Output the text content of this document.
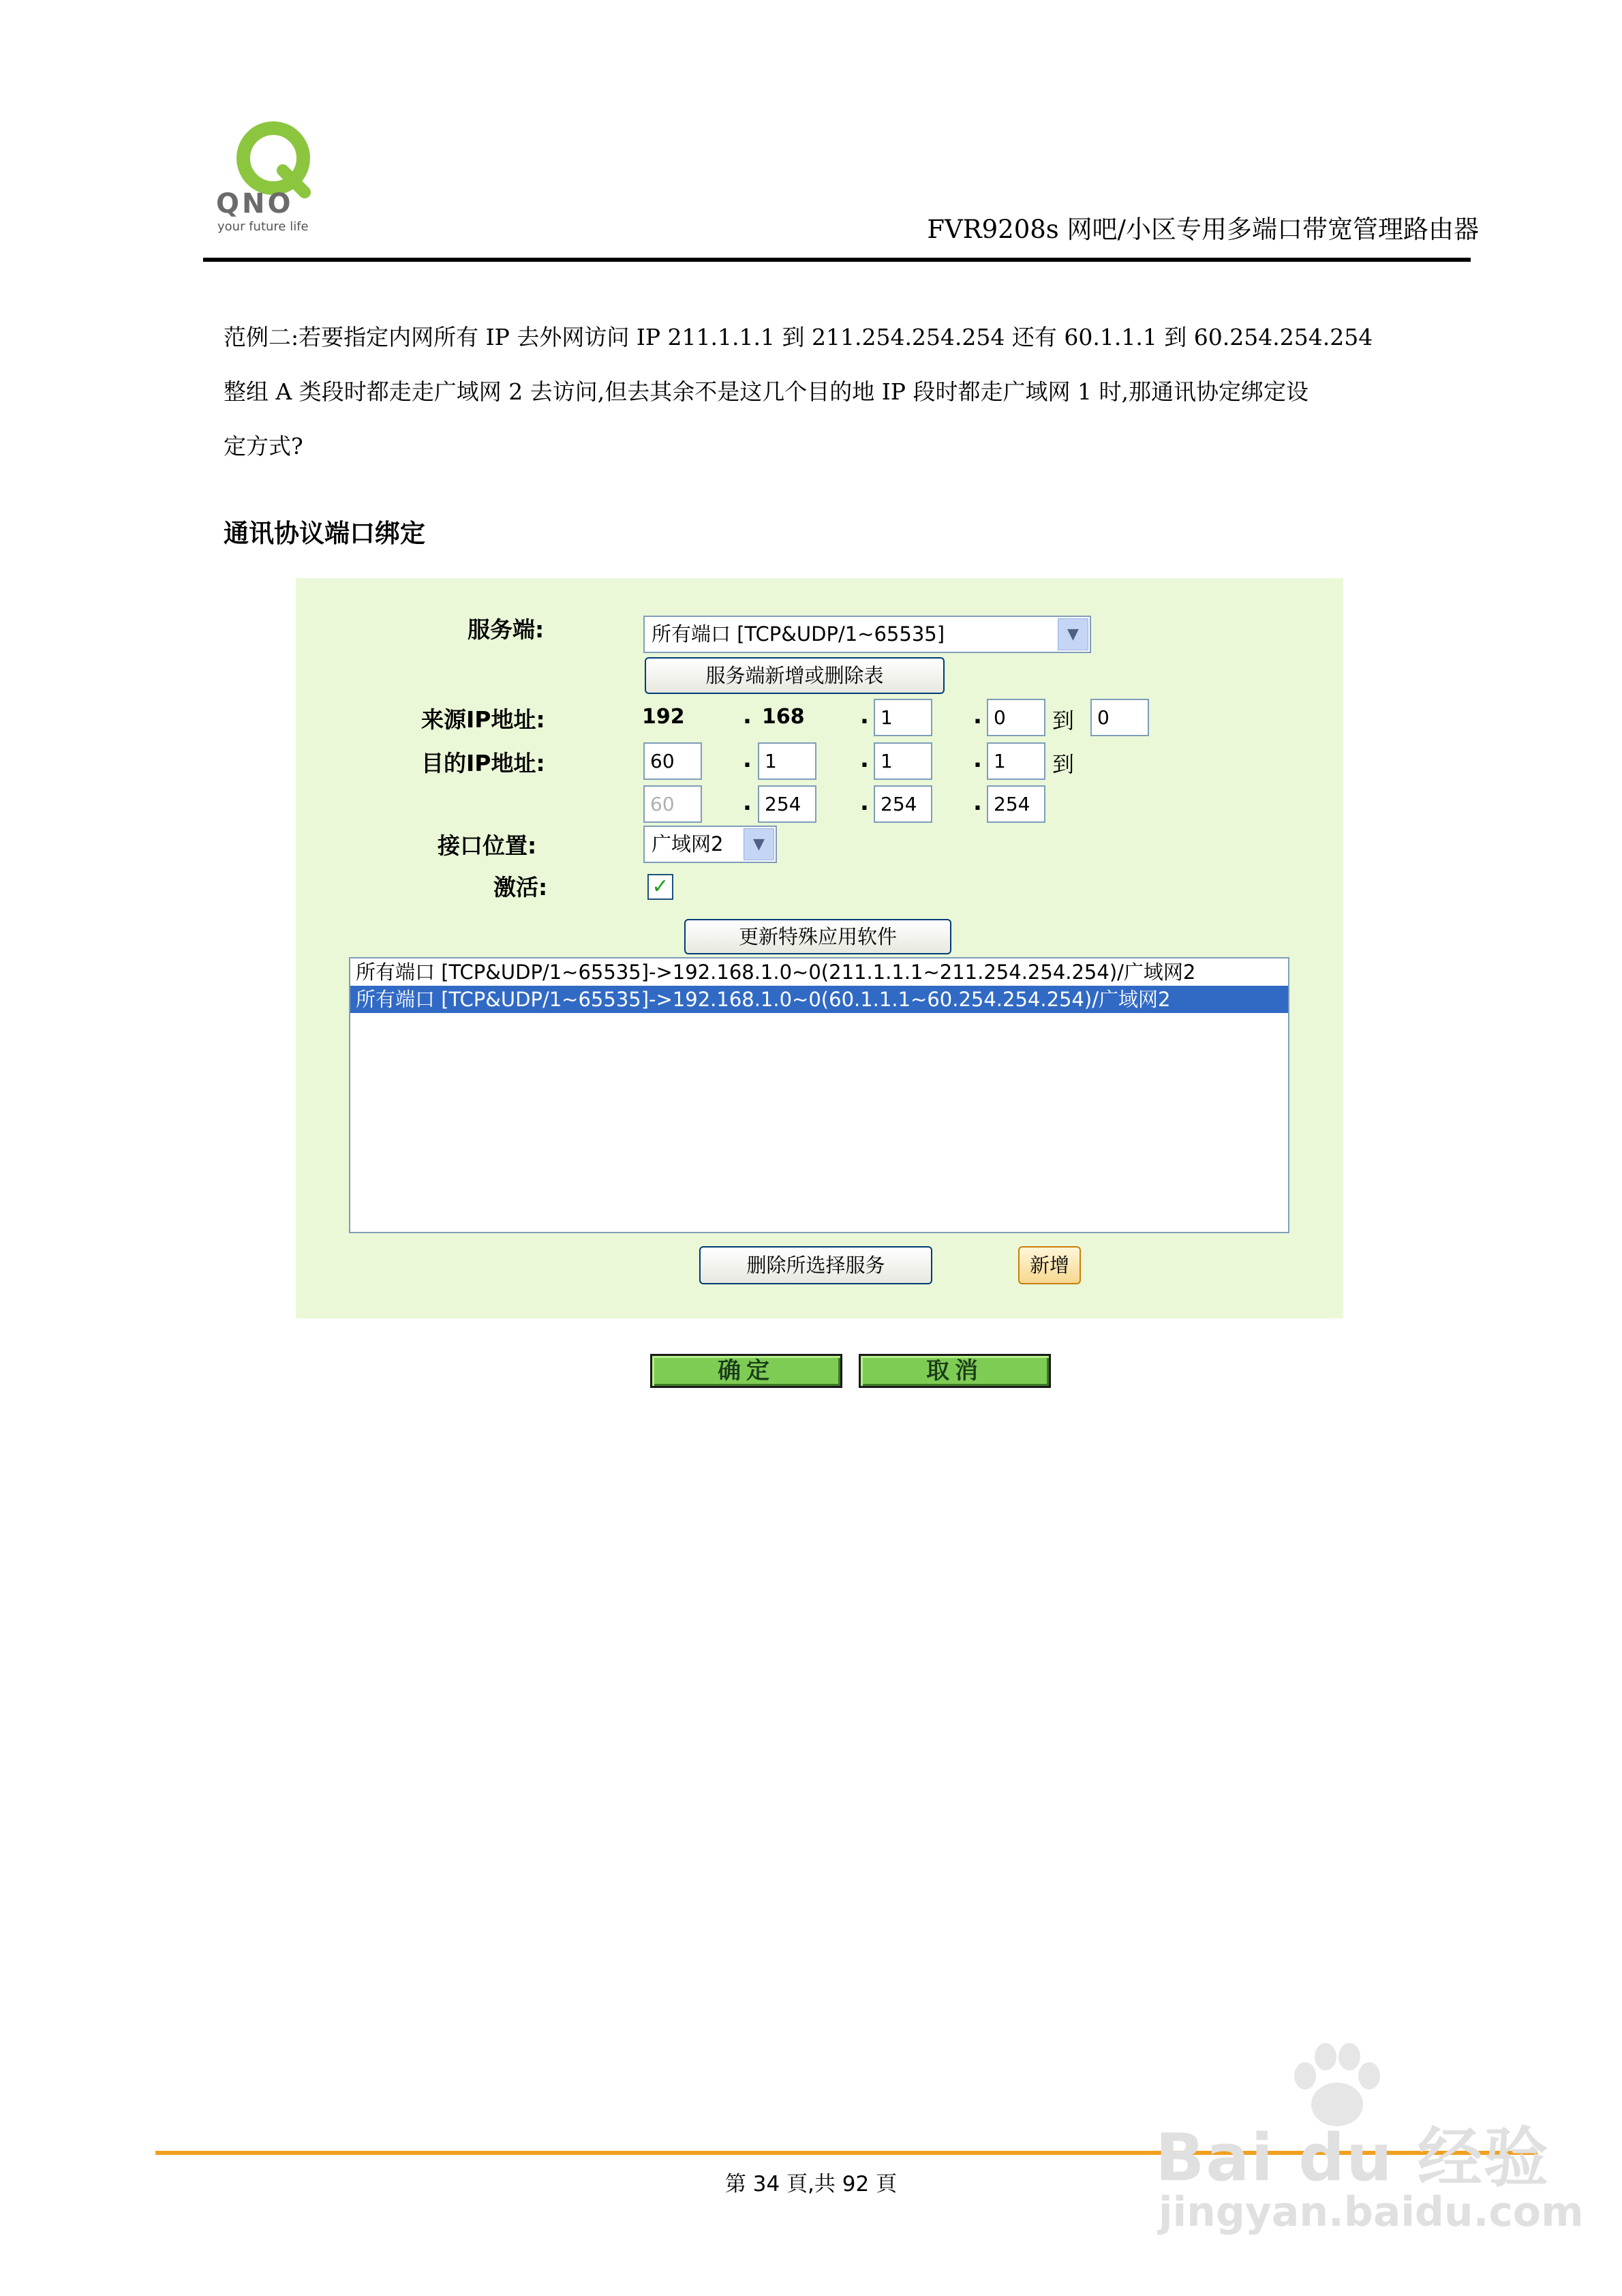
QNO
your future life	FVR9208s 网吧/小区专用多端口带宽管理路由器
范例二:若要指定内网所有 IP 去外网访问 IP 211.1.1.1 到 211.254.254.254 还有 60.1.1.1 到 60.254.254.254
整组 A 类段时都走走广域网 2 去访问,但去其余不是这几个目的地 IP 段时都走广域网 1 时,那通讯协定绑定设
定方式?
通讯协议端口绑定
服务端:	所有端口 [TCP&UDP/1~65535]	▼
服务端新增或删除表
来源IP地址:	192	. 168 . 1	. 0	到	0
目的IP地址:	60	. 1	. 1	. 1	到
60	. 254	. 254	. 254
接口位置:	广域网2	▼
激活:	✓
更新特殊应用软件
所有端口 [TCP&UDP/1~65535]->192.168.1.0~0(211.1.1.1~211.254.254.254)/广域网2
所有端口 [TCP&UDP/1~65535]->192.168.1.0~0(60.1.1.1~60.254.254.254)/广域网2
删除所选择服务	新增
确定	取消
第 34 頁,共 92 頁	Bai du 经验
jingyan.baidu.com
